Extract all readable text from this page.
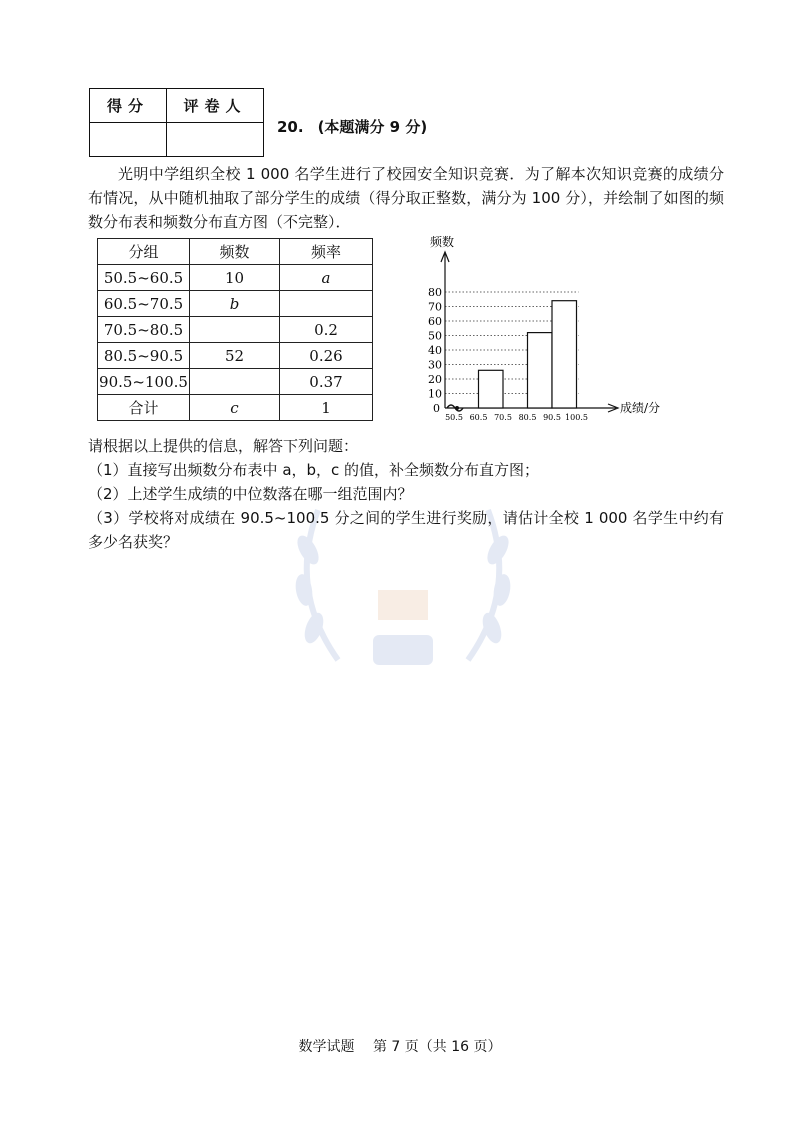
得分	评卷人

20. (本题满分 9 分)
光明中学组织全校 1 000 名学生进行了校园安全知识竞赛．为了解本次知识竞赛的成绩分布情况，从中随机抽取了部分学生的成绩（得分取正整数，满分为 100 分），并绘制了如图的频数分布表和频数分布直方图（不完整）．
分组	频数	频率
50.5~60.5	10	a
60.5~70.5	b	
70.5~80.5		0.2
80.5~90.5	52	0.26
90.5~100.5		0.37
合计	c	1
10
20
30
40
50
60
70
80
频数
成绩/分
0
50.5 60.5 70.5 80.5 90.5 100.5
请根据以上提供的信息，解答下列问题：
（1）直接写出频数分布表中 a，b，c 的值，补全频数分布直方图；
（2）上述学生成绩的中位数落在哪一组范围内？
（3）学校将对成绩在 90.5~100.5 分之间的学生进行奖励，请估计全校 1 000 名学生中约有多少名获奖？
数学试题　 第 7 页（共 16 页）
